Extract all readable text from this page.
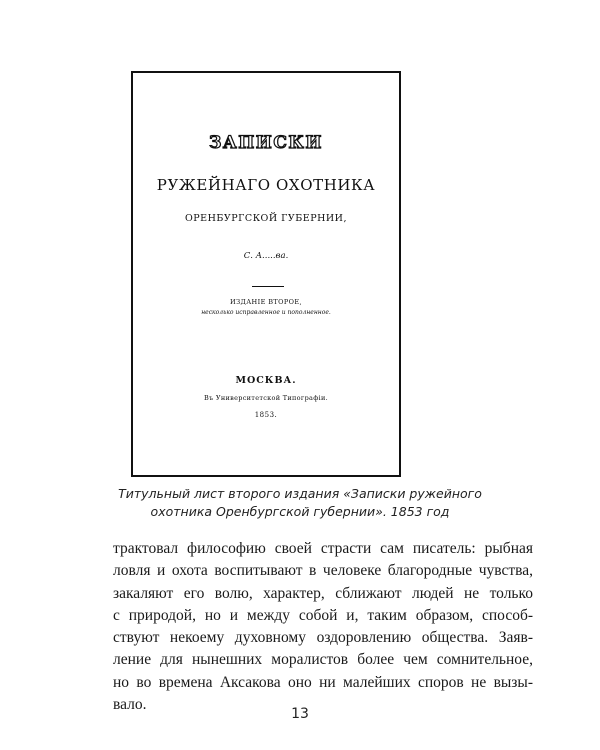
ЗАПИСКИ
РУЖЕЙНАГО ОХОТНИКА
ОРЕНБУРГСКОЙ ГУБЕРНИИ,
С. А.....ва.
ИЗДАНІЕ ВТОРОЕ,
несколько исправленное и пополненное.
МОСКВА.
Въ Университетской Типографіи.
1853.
Титульный лист второго издания «Записки ружейного
охотника Оренбургской губернии». 1853 год
трактовал философию своей страсти сам писатель: рыбная
ловля и охота воспитывают в человеке благородные чувства,
закаляют его волю, характер, сближают людей не только
с природой, но и между собой и, таким образом, способ-
ствуют некоему духовному оздоровлению общества. Заяв-
ление для нынешних моралистов более чем сомнительное,
но во времена Аксакова оно ни малейших споров не вызы-
вало.
13
